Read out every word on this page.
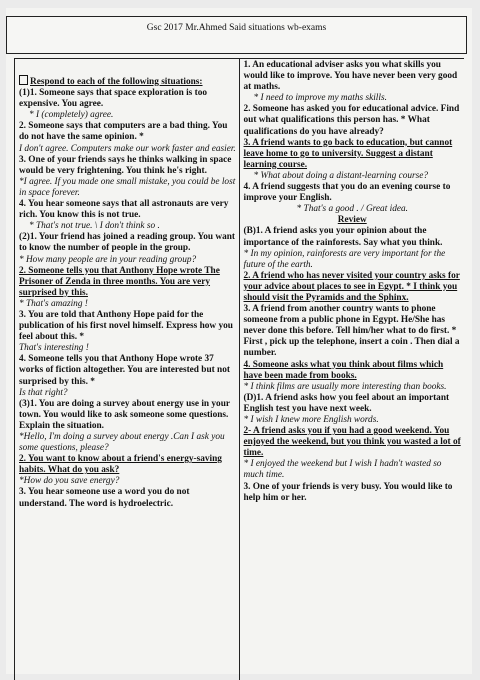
Gsc 2017 Mr.Ahmed Said situations wb-exams

Respond to each of the following situations:

(1)1. Someone says that space exploration is too expensive. You agree.

* I (completely) agree.

2. Someone says that computers are a bad thing. You do not have the same opinion. *

I don't agree. Computers make our work faster and easier.

3. One of your friends says he thinks walking in space would be very frightening. You think he's right.

*I agree. If you made one small mistake, you could be lost in space forever.

4. You hear someone says that all astronauts are very rich. You know this is not true.

* That's not true. \ I don't think so .

(2)1. Your friend has joined a reading group. You want to know the number of people in the group.

* How many people are in your reading group?

2. Someone tells you that Anthony Hope wrote The Prisoner of Zenda in three months. You are very surprised by this.

* That's amazing !

3. You are told that Anthony Hope paid for the publication of his first novel himself. Express how you feel about this. *

That's interesting !

4. Someone tells you that Anthony Hope wrote 37 works of fiction altogether. You are interested but not surprised by this. *

Is that right?

(3)1. You are doing a survey about energy use in your town. You would like to ask someone some questions. Explain the situation.

*Hello, I'm doing a survey about energy .Can I ask you some questions, please?

2. You want to know about a friend's energy-saving habits. What do you ask?

*How do you save energy?

3. You hear someone use a word you do not understand. The word is hydroelectric.

1. An educational adviser asks you what skills you would like to improve. You have never been very good at maths.

* I need to improve my maths skills.

2. Someone has asked you for educational advice. Find out what qualifications this person has. * What qualifications do you have already?

3. A friend wants to go back to education, but cannot leave home to go to university. Suggest a distant learning course.

* What about doing a distant-learning course?

4. A friend suggests that you do an evening course to improve your English.

* That's a good . / Great idea.

Review

(B)1. A friend asks you your opinion about the importance of the rainforests. Say what you think.

* In my opinion, rainforests are very important for the future of the earth.

2. A friend who has never visited your country asks for your advice about places to see in Egypt. * I think you should visit the Pyramids and the Sphinx.

3. A friend from another country wants to phone someone from a public phone in Egypt. He/She has never done this before. Tell him/her what to do first. * First , pick up the telephone, insert a coin . Then dial a number.

4. Someone asks what you think about films which have been made from books.

* I think films are usually more interesting than books.

(D)1. A friend asks how you feel about an important English test you have next week.

* I wish I knew more English words.

2- A friend asks you if you had a good weekend. You enjoyed the weekend, but you think you wasted a lot of time.

* I enjoyed the weekend but I wish I hadn't wasted so much time.

3. One of your friends is very busy. You would like to help him or her.
